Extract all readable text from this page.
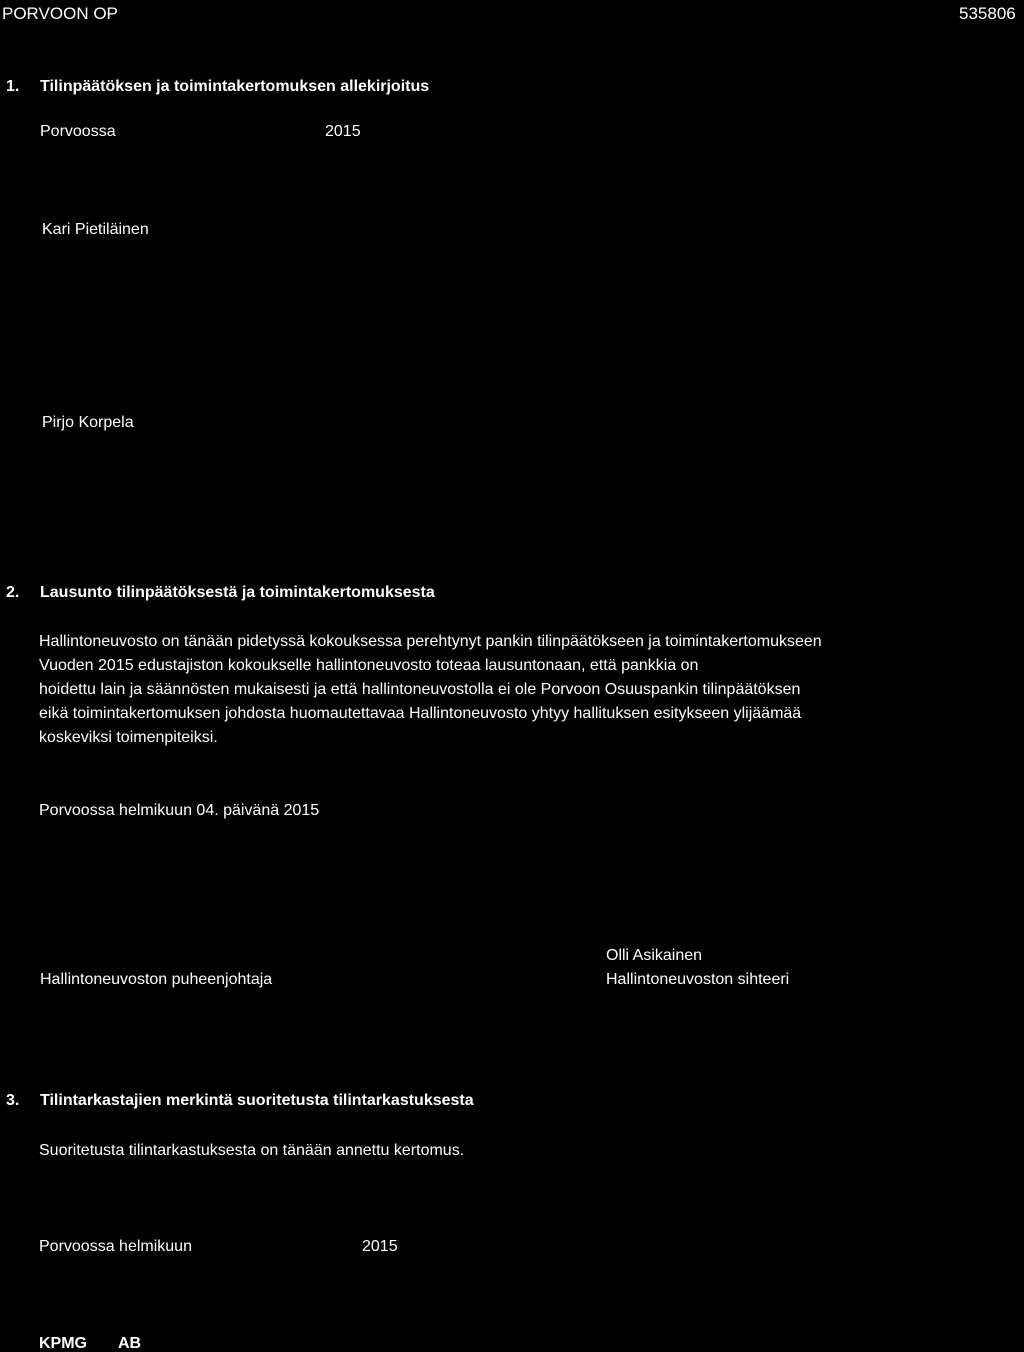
PORVOON OP	535806
1. Tilinpäätöksen ja toimintakertomuksen allekirjoitus
Porvoossa	2015
Kari Pietiläinen
Pirjo Korpela
2. Lausunto tilinpäätöksestä ja toimintakertomuksesta
Hallintoneuvosto on tänään pidetyssä kokouksessa perehtynyt pankin tilinpäätökseen ja toimintakertomukseen
Vuoden 2015 edustajiston kokoukselle hallintoneuvosto toteaa lausuntonaan, että pankkia on
hoidettu lain ja säännösten mukaisesti ja että hallintoneuvostolla ei ole Porvoon Osuuspankin tilinpäätöksen
eikä toimintakertomuksen johdosta huomautettavaa Hallintoneuvosto yhtyy hallituksen esitykseen ylijäämää
koskeviksi toimenpiteiksi.
Porvoossa helmikuun 04. päivänä 2015
Hallintoneuvoston puheenjohtaja
Olli Asikainen
Hallintoneuvoston sihteeri
3. Tilintarkastajien merkintä suoritetusta tilintarkastuksesta
Suoritetusta tilintarkastuksesta on tänään annettu kertomus.
Porvoossa helmikuun	2015
KPMG AB
